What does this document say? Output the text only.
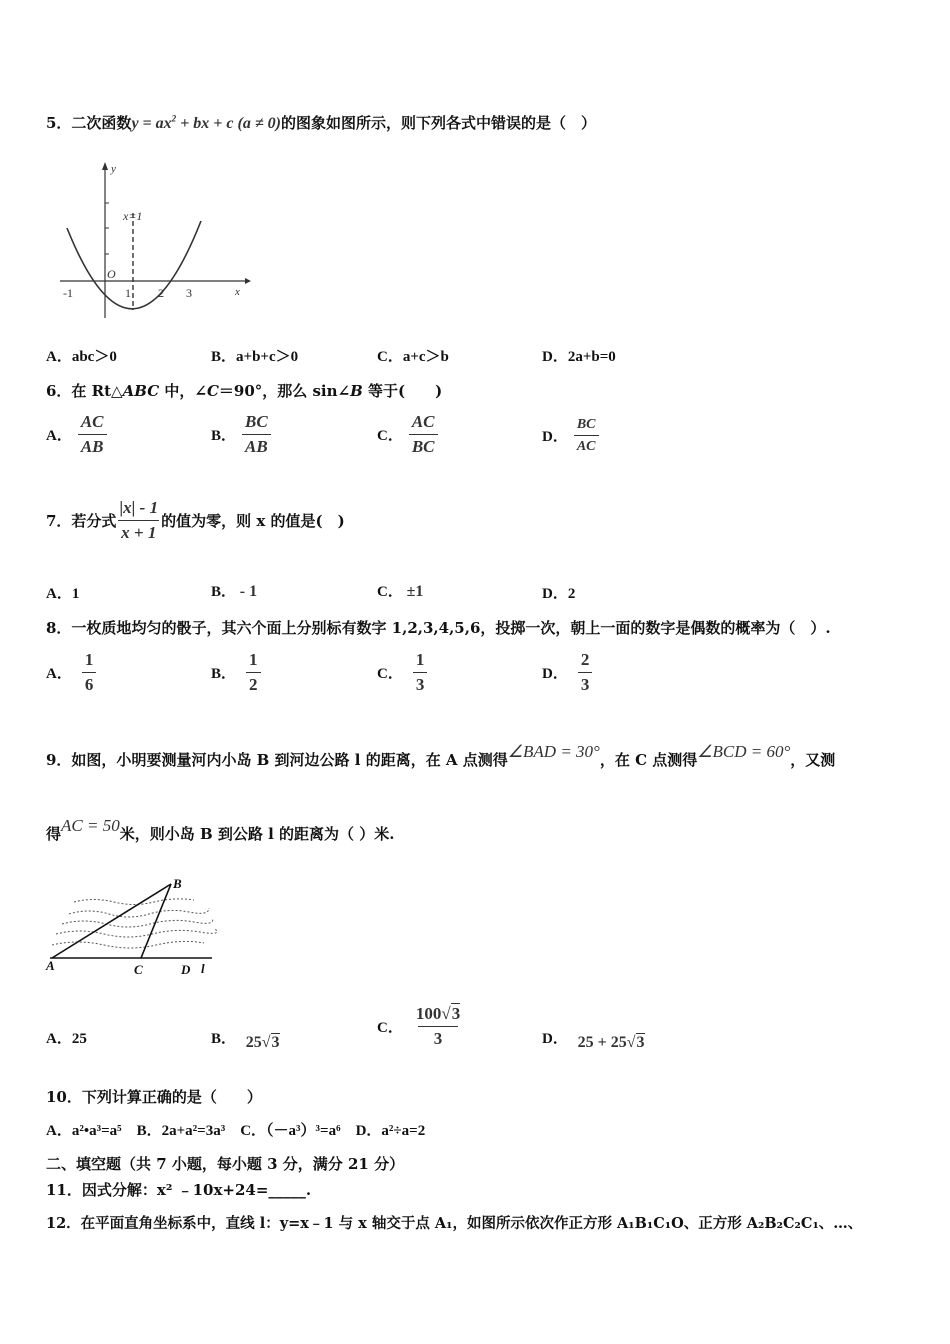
5．二次函数$y = ax^2$ + bx + c (a ≠ 0)的图象如图所示，则下列各式中错误的是（　）
y
x=1
O
-1	1 2 3	x
A．abc＞0	B．a+b+c＞0	C．a+c＞b	D．2a+b=0
6．在 Rt△ABC 中，∠C＝90°，那么 sin∠B 等于(　　)
A． $\frac{AC}{AB}$	B． $\frac{BC}{AB}$	C． $\frac{AC}{BC}$	D． $\frac{BC}{AC}$
7．若分式 $\frac{|x| - 1}{x + 1}$ 的值为零，则 x 的值是(　)
A．1	B． - 1	C． ±1	D．2
8．一枚质地均匀的骰子，其六个面上分别标有数字 1,2,3,4,5,6，投掷一次，朝上一面的数字是偶数的概率为（　）.
A． $\frac{1}{6}$	B． $\frac{1}{2}$	C． $\frac{1}{3}$	D． $\frac{2}{3}$
9．如图，小明要测量河内小岛 B 到河边公路 l 的距离，在 A 点测得∠BAD = 30°，在 C 点测得∠BCD = 60°，又测
得AC = 50米，则小岛 B 到公路 l 的距离为（ ）米.
B
A	C	D l
A．25	B． 25√3
C． $\frac{100√3}{3}$	D． 25 + 25√3
10．下列计算正确的是（　　）
A．a²•a³=a⁵　B．2a+a²=3a³　C．（－a³）³=a⁶　D．a²÷a=2
二、填空题（共 7 小题，每小题 3 分，满分 21 分）
11．因式分解：x² ﹣10x+24=_____.
12．在平面直角坐标系中，直线 l：y=x﹣1 与 x 轴交于点 A₁，如图所示依次作正方形 A₁B₁C₁O、正方形 A₂B₂C₂C₁、…、
